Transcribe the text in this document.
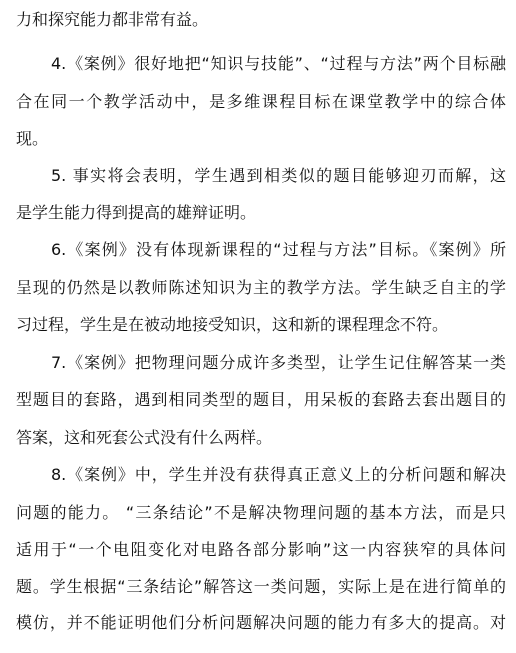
力和探究能力都非常有益。
4.《案例》很好地把“知识与技能”、“过程与方法”两个目标融
合在同一个教学活动中，是多维课程目标在课堂教学中的综合体
现。
5. 事实将会表明，学生遇到相类似的题目能够迎刃而解，这
是学生能力得到提高的雄辩证明。
6.《案例》没有体现新课程的“过程与方法”目标。《案例》所
呈现的仍然是以教师陈述知识为主的教学方法。学生缺乏自主的学
习过程，学生是在被动地接受知识，这和新的课程理念不符。
7.《案例》把物理问题分成许多类型，让学生记住解答某一类
型题目的套路，遇到相同类型的题目，用呆板的套路去套出题目的
答案，这和死套公式没有什么两样。
8.《案例》中，学生并没有获得真正意义上的分析问题和解决
问题的能力。 “三条结论”不是解决物理问题的基本方法，而是只
适用于“一个电阻变化对电路各部分影响”这一内容狭窄的具体问
题。学生根据“三条结论”解答这一类问题，实际上是在进行简单的
模仿，并不能证明他们分析问题解决问题的能力有多大的提高。对
